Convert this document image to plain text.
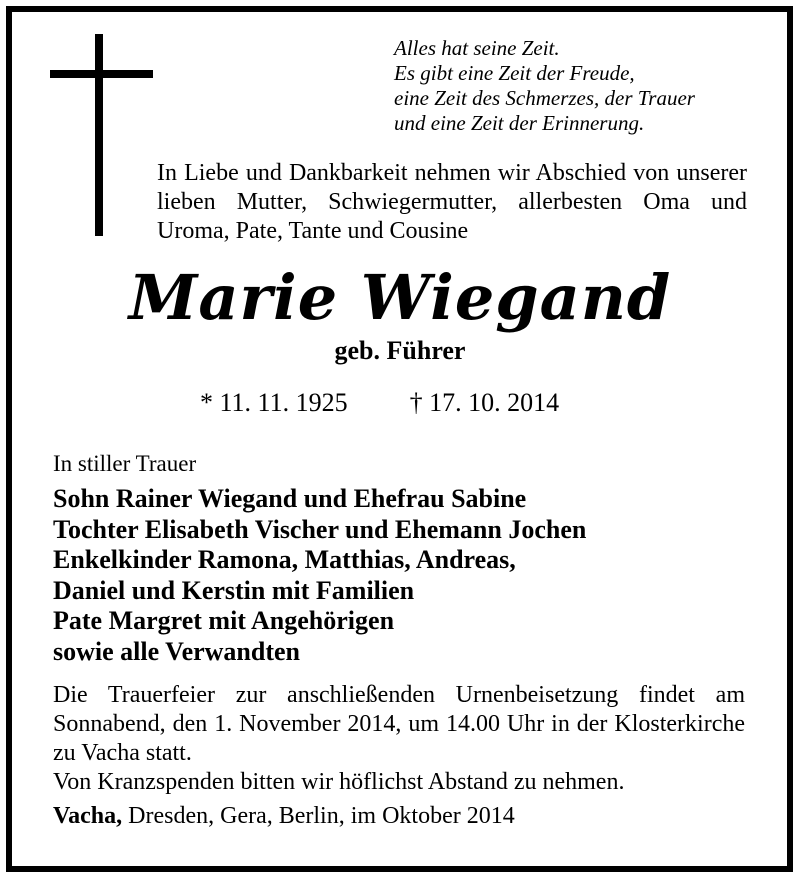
Alles hat seine Zeit.
Es gibt eine Zeit der Freude,
eine Zeit des Schmerzes, der Trauer
und eine Zeit der Erinnerung.
In Liebe und Dankbarkeit nehmen wir Abschied von unserer lieben Mutter, Schwiegermutter, allerbesten Oma und Uroma, Pate, Tante und Cousine
Marie Wiegand
geb. Führer
* 11. 11. 1925 † 17. 10. 2014
In stiller Trauer
Sohn Rainer Wiegand und Ehefrau Sabine
Tochter Elisabeth Vischer und Ehemann Jochen
Enkelkinder Ramona, Matthias, Andreas,
Daniel und Kerstin mit Familien
Pate Margret mit Angehörigen
sowie alle Verwandten

Die Trauerfeier zur anschließenden Urnenbeisetzung findet am Sonnabend, den 1. November 2014, um 14.00 Uhr in der Klosterkirche zu Vacha statt.

Von Kranzspenden bitten wir höflichst Abstand zu nehmen.

Vacha, Dresden, Gera, Berlin, im Oktober 2014
